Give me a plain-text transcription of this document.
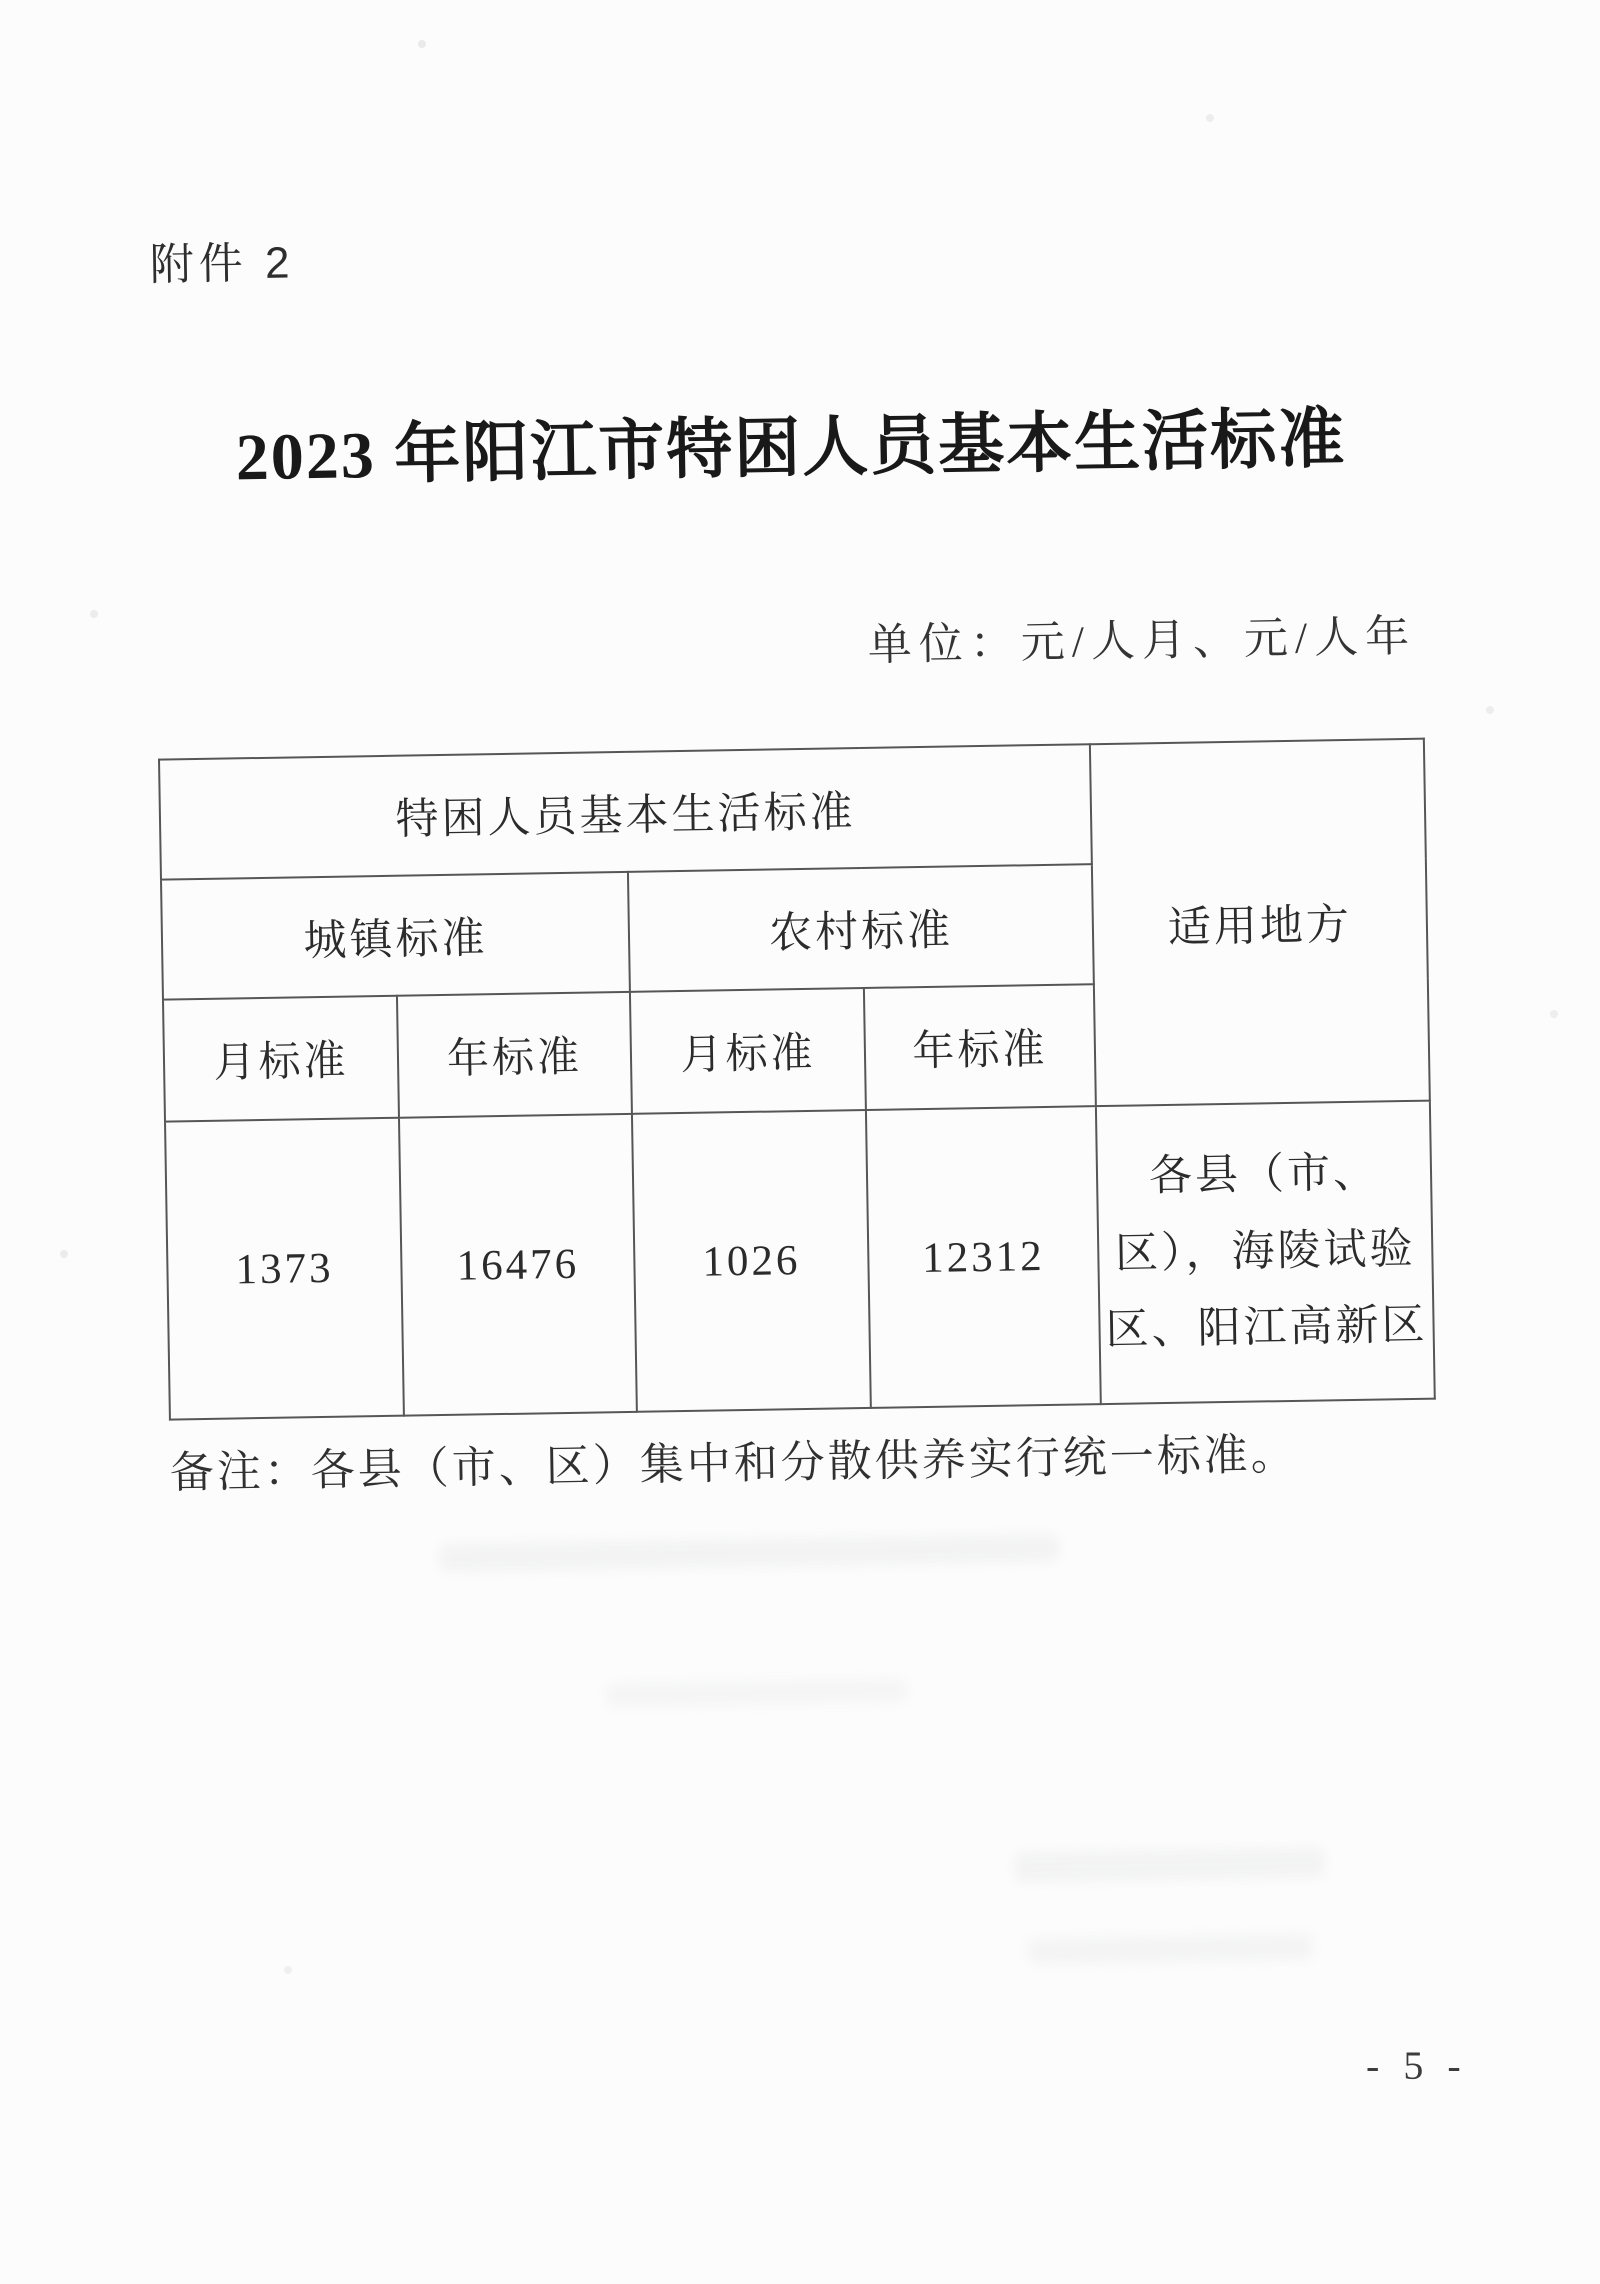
附件 2
2023 年阳江市特困人员基本生活标准
单位：元/人月、元/人年
特困人员基本生活标准				适用地方
城镇标准		农村标准		
月标准	年标准	月标准	年标准	
1373	16476	1026	12312	各县（市、区），海陵试验区、阳江高新区
备注：各县（市、区）集中和分散供养实行统一标准。
- 5 -
